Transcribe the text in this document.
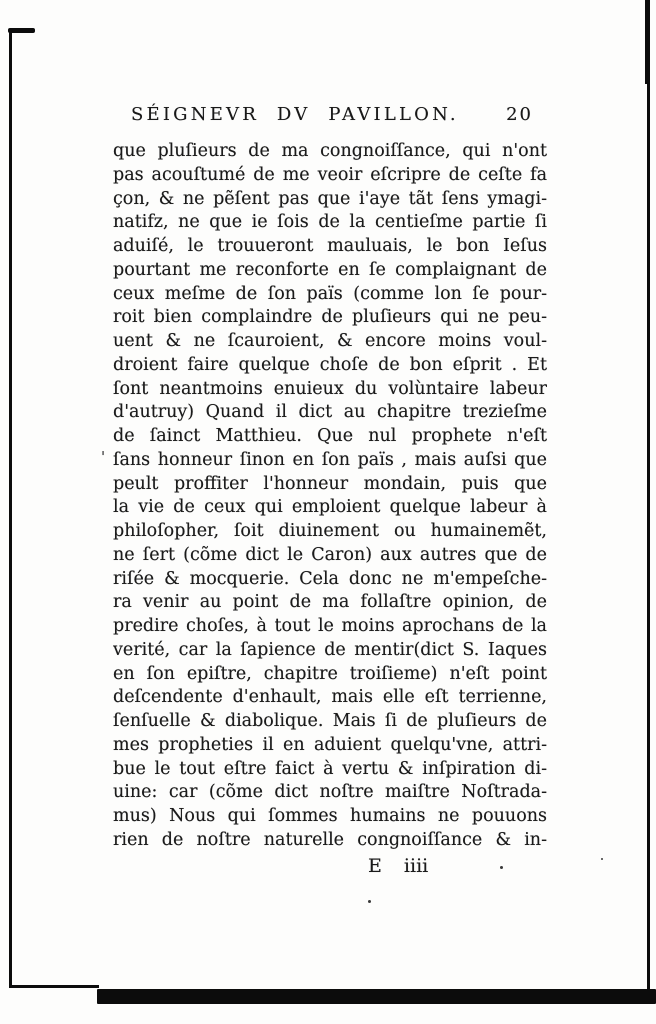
SÉIGNEVR DV PAVILLON.	20
que pluſieurs de ma congnoiſſance, qui n'ont
pas acouſtumé de me veoir eſcripre de ceſte fa
çon, & ne pẽſent pas que i'aye tãt ſens ymagi-
natifz, ne que ie ſois de la centieſme partie ſi
aduiſé, le trouueront mauluais, le bon Ieſus
pourtant me reconforte en ſe complaignant de
ceux meſme de ſon païs (comme lon ſe pour-
roit bien complaindre de pluſieurs qui ne peu-
uent & ne ſcauroient, & encore moins voul-
droient faire quelque choſe de bon eſprit . Et
ſont neantmoins enuieux du volùntaire labeur
d'autruy) Quand il dict au chapitre trezieſme
de ſainct Matthieu. Que nul prophete n'eſt
ſans honneur ſinon en ſon païs , mais auſsi que
peult proffiter l'honneur mondain, puis que
la vie de ceux qui emploient quelque labeur à
philoſopher, ſoit diuinement ou humainemẽt,
ne ſert (cõme dict le Caron) aux autres que de
riſée & mocquerie. Cela donc ne m'empeſche-
ra venir au point de ma follaſtre opinion, de
predire choſes, à tout le moins aprochans de la
verité, car la ſapience de mentir(dict S. Iaques
en ſon epiſtre, chapitre troiſieme) n'eſt point
deſcendente d'enhault, mais elle eſt terrienne,
ſenſuelle & diabolique. Mais ſi de pluſieurs de
mes propheties il en aduient quelqu'vne, attri-
bue le tout eſtre faict à vertu & inſpiration di-
uine: car (cõme dict noſtre maiſtre Noſtrada-
mus) Nous qui ſommes humains ne pouuons
rien de noſtre naturelle congnoiſſance & in-
E iiii
'
